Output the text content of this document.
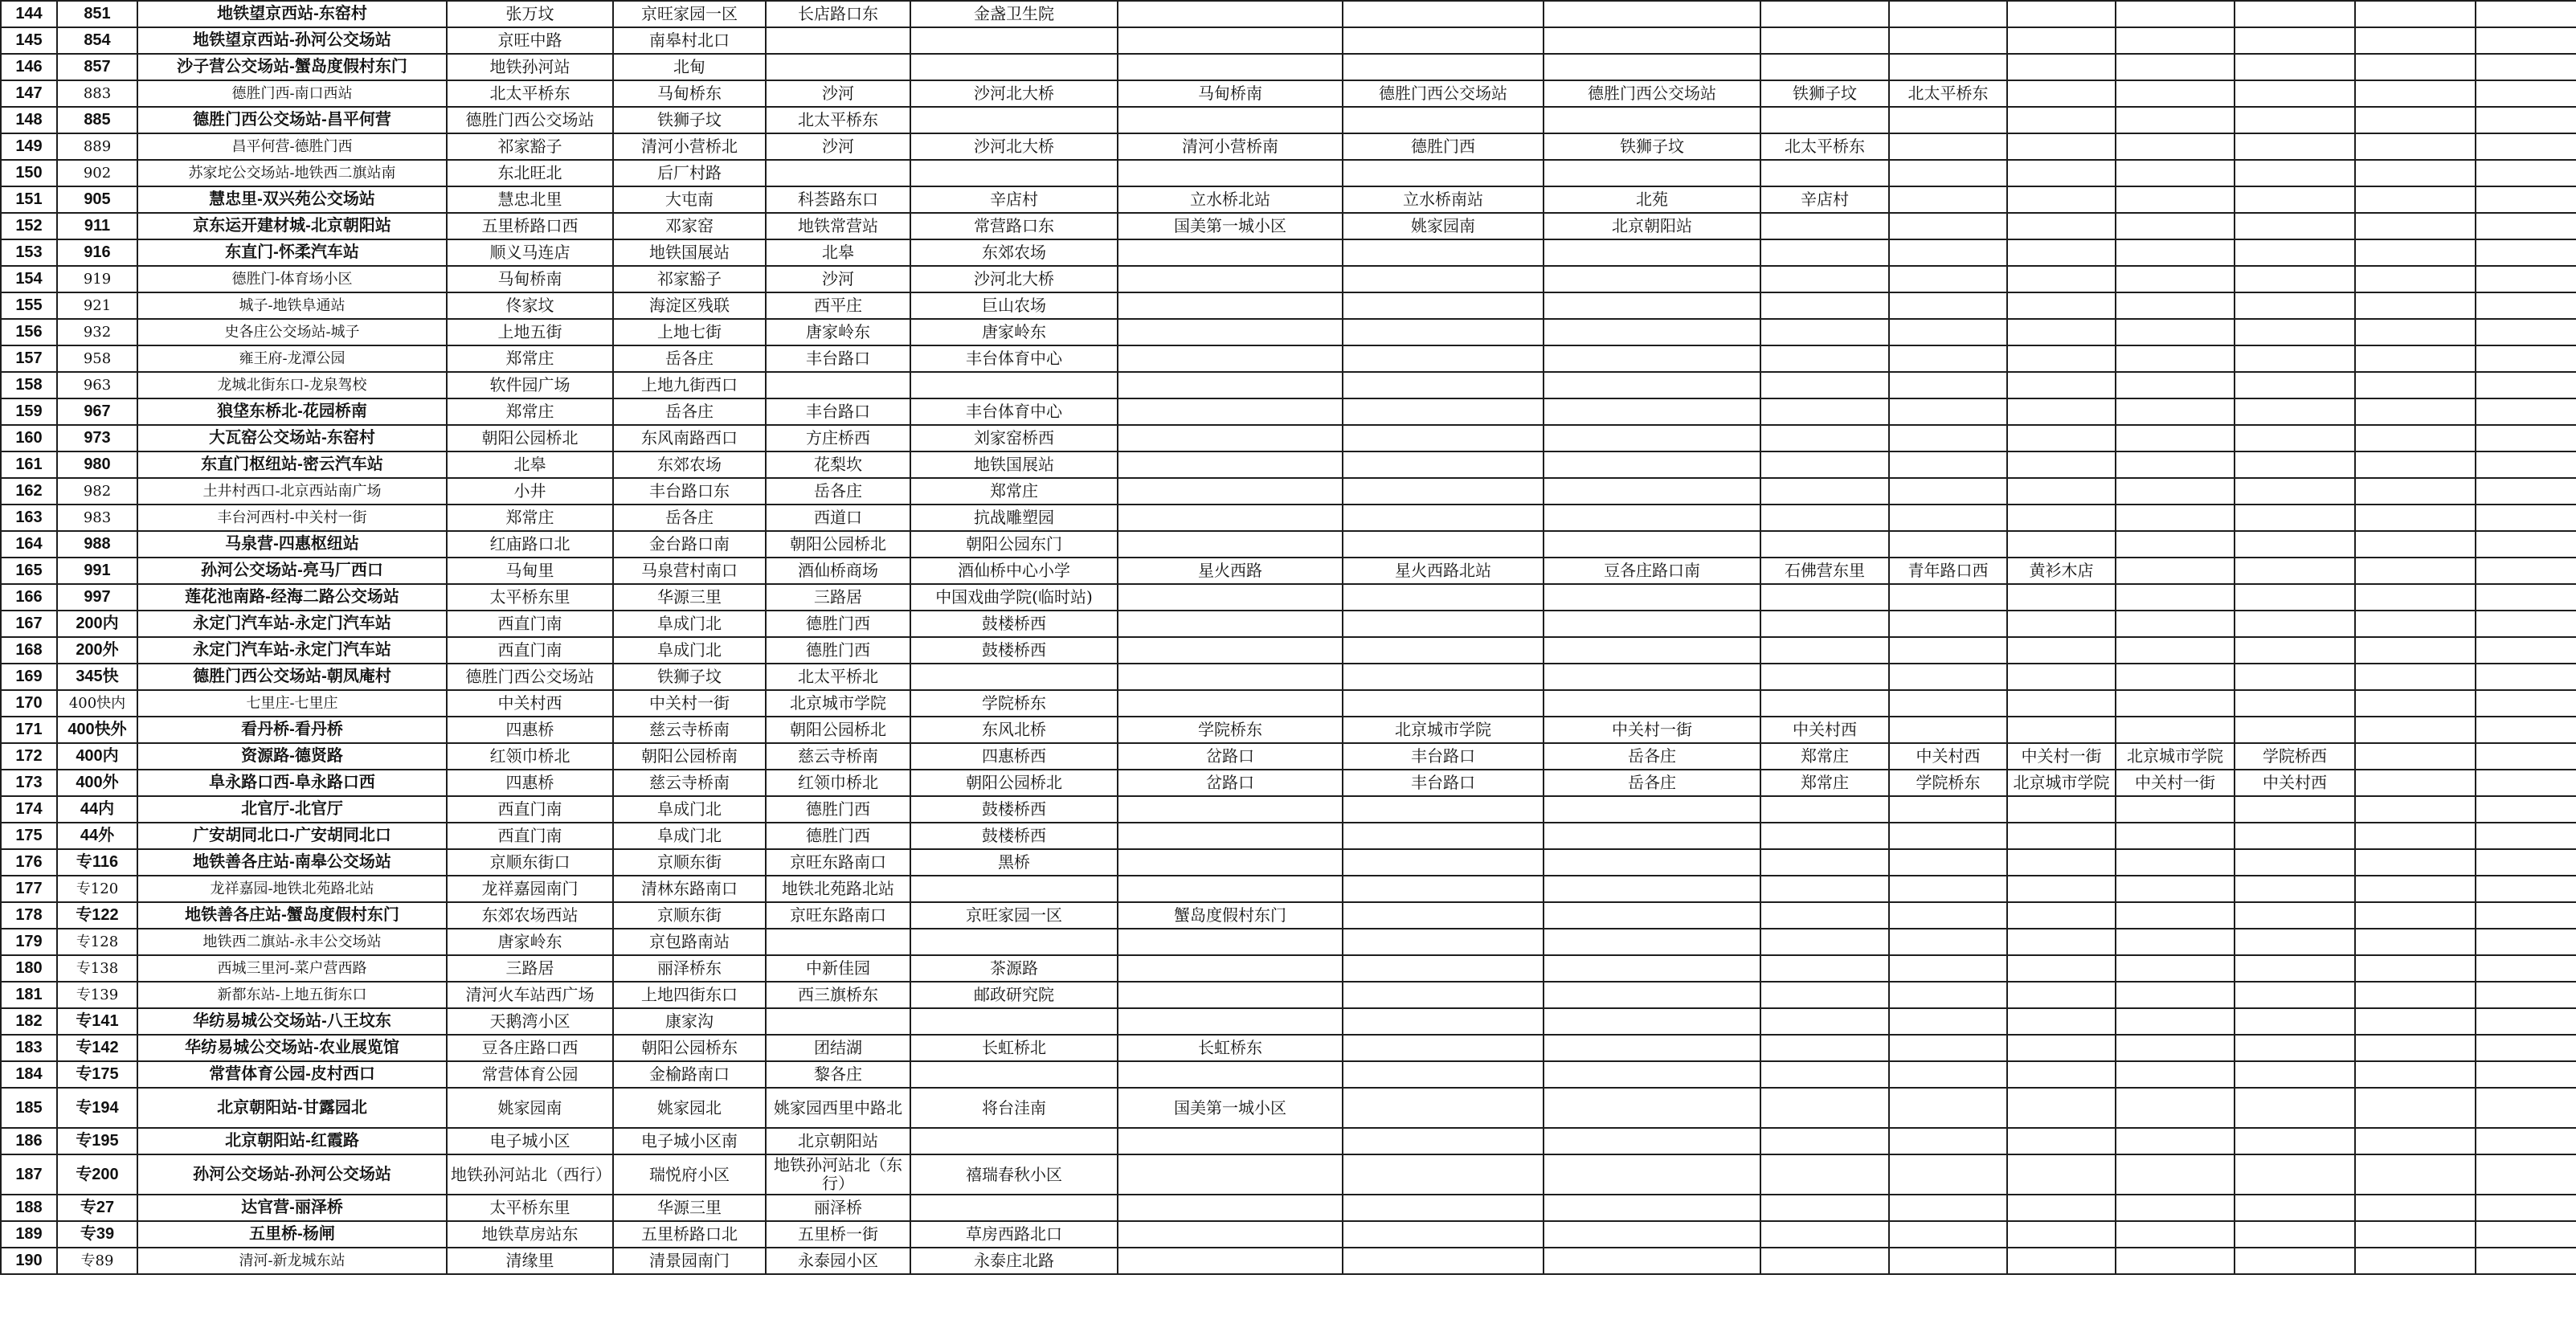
144	851	地铁望京西站-东窑村	张万坟	京旺家园一区	长店路口东	金盏卫生院										
145	854	地铁望京西站-孙河公交场站	京旺中路	南皋村北口												
146	857	沙子营公交场站-蟹岛度假村东门	地铁孙河站	北甸												
147	883	德胜门西-南口西站	北太平桥东	马甸桥东	沙河	沙河北大桥	马甸桥南	德胜门西公交场站	德胜门西公交场站	铁狮子坟	北太平桥东					
148	885	德胜门西公交场站-昌平何营	德胜门西公交场站	铁狮子坟	北太平桥东											
149	889	昌平何营-德胜门西	祁家豁子	清河小营桥北	沙河	沙河北大桥	清河小营桥南	德胜门西	铁狮子坟	北太平桥东						
150	902	苏家坨公交场站-地铁西二旗站南	东北旺北	后厂村路												
151	905	慧忠里-双兴苑公交场站	慧忠北里	大屯南	科荟路东口	辛店村	立水桥北站	立水桥南站	北苑	辛店村						
152	911	京东运开建材城-北京朝阳站	五里桥路口西	邓家窑	地铁常营站	常营路口东	国美第一城小区	姚家园南	北京朝阳站							
153	916	东直门-怀柔汽车站	顺义马连店	地铁国展站	北皋	东郊农场										
154	919	德胜门-体育场小区	马甸桥南	祁家豁子	沙河	沙河北大桥										
155	921	城子-地铁阜通站	佟家坟	海淀区残联	西平庄	巨山农场										
156	932	史各庄公交场站-城子	上地五街	上地七街	唐家岭东	唐家岭东										
157	958	雍王府-龙潭公园	郑常庄	岳各庄	丰台路口	丰台体育中心										
158	963	龙城北街东口-龙泉驾校	软件园广场	上地九街西口												
159	967	狼垡东桥北-花园桥南	郑常庄	岳各庄	丰台路口	丰台体育中心										
160	973	大瓦窑公交场站-东窑村	朝阳公园桥北	东风南路西口	方庄桥西	刘家窑桥西										
161	980	东直门枢纽站-密云汽车站	北皋	东郊农场	花梨坎	地铁国展站										
162	982	土井村西口-北京西站南广场	小井	丰台路口东	岳各庄	郑常庄										
163	983	丰台河西村-中关村一街	郑常庄	岳各庄	西道口	抗战雕塑园										
164	988	马泉营-四惠枢纽站	红庙路口北	金台路口南	朝阳公园桥北	朝阳公园东门										
165	991	孙河公交场站-亮马厂西口	马甸里	马泉营村南口	酒仙桥商场	酒仙桥中心小学	星火西路	星火西路北站	豆各庄路口南	石佛营东里	青年路口西	黄衫木店				
166	997	莲花池南路-经海二路公交场站	太平桥东里	华源三里	三路居	中国戏曲学院(临时站)										
167	200内	永定门汽车站-永定门汽车站	西直门南	阜成门北	德胜门西	鼓楼桥西										
168	200外	永定门汽车站-永定门汽车站	西直门南	阜成门北	德胜门西	鼓楼桥西										
169	345快	德胜门西公交场站-朝凤庵村	德胜门西公交场站	铁狮子坟	北太平桥北											
170	400快内	七里庄-七里庄	中关村西	中关村一街	北京城市学院	学院桥东										
171	400快外	看丹桥-看丹桥	四惠桥	慈云寺桥南	朝阳公园桥北	东风北桥	学院桥东	北京城市学院	中关村一街	中关村西						
172	400内	资源路-德贤路	红领巾桥北	朝阳公园桥南	慈云寺桥南	四惠桥西	岔路口	丰台路口	岳各庄	郑常庄	中关村西	中关村一街	北京城市学院	学院桥西		
173	400外	阜永路口西-阜永路口西	四惠桥	慈云寺桥南	红领巾桥北	朝阳公园桥北	岔路口	丰台路口	岳各庄	郑常庄	学院桥东	北京城市学院	中关村一街	中关村西		
174	44内	北官厅-北官厅	西直门南	阜成门北	德胜门西	鼓楼桥西										
175	44外	广安胡同北口-广安胡同北口	西直门南	阜成门北	德胜门西	鼓楼桥西										
176	专116	地铁善各庄站-南皋公交场站	京顺东街口	京顺东街	京旺东路南口	黑桥										
177	专120	龙祥嘉园-地铁北苑路北站	龙祥嘉园南门	清林东路南口	地铁北苑路北站											
178	专122	地铁善各庄站-蟹岛度假村东门	东郊农场西站	京顺东街	京旺东路南口	京旺家园一区	蟹岛度假村东门									
179	专128	地铁西二旗站-永丰公交场站	唐家岭东	京包路南站												
180	专138	西城三里河-菜户营西路	三路居	丽泽桥东	中新佳园	茶源路										
181	专139	新都东站-上地五街东口	清河火车站西广场	上地四街东口	西三旗桥东	邮政研究院										
182	专141	华纺易城公交场站-八王坟东	天鹅湾小区	康家沟												
183	专142	华纺易城公交场站-农业展览馆	豆各庄路口西	朝阳公园桥东	团结湖	长虹桥北	长虹桥东									
184	专175	常营体育公园-皮村西口	常营体育公园	金榆路南口	黎各庄											
185	专194	北京朝阳站-甘露园北	姚家园南	姚家园北	姚家园西里中路北	将台洼南	国美第一城小区									
186	专195	北京朝阳站-红霞路	电子城小区	电子城小区南	北京朝阳站											
187	专200	孙河公交场站-孙河公交场站	地铁孙河站北（西行）	瑞悦府小区	地铁孙河站北（东行）	禧瑞春秋小区										
188	专27	达官营-丽泽桥	太平桥东里	华源三里	丽泽桥											
189	专39	五里桥-杨闸	地铁草房站东	五里桥路口北	五里桥一街	草房西路北口										
190	专89	清河-新龙城东站	清缘里	清景园南门	永泰园小区	永泰庄北路										
